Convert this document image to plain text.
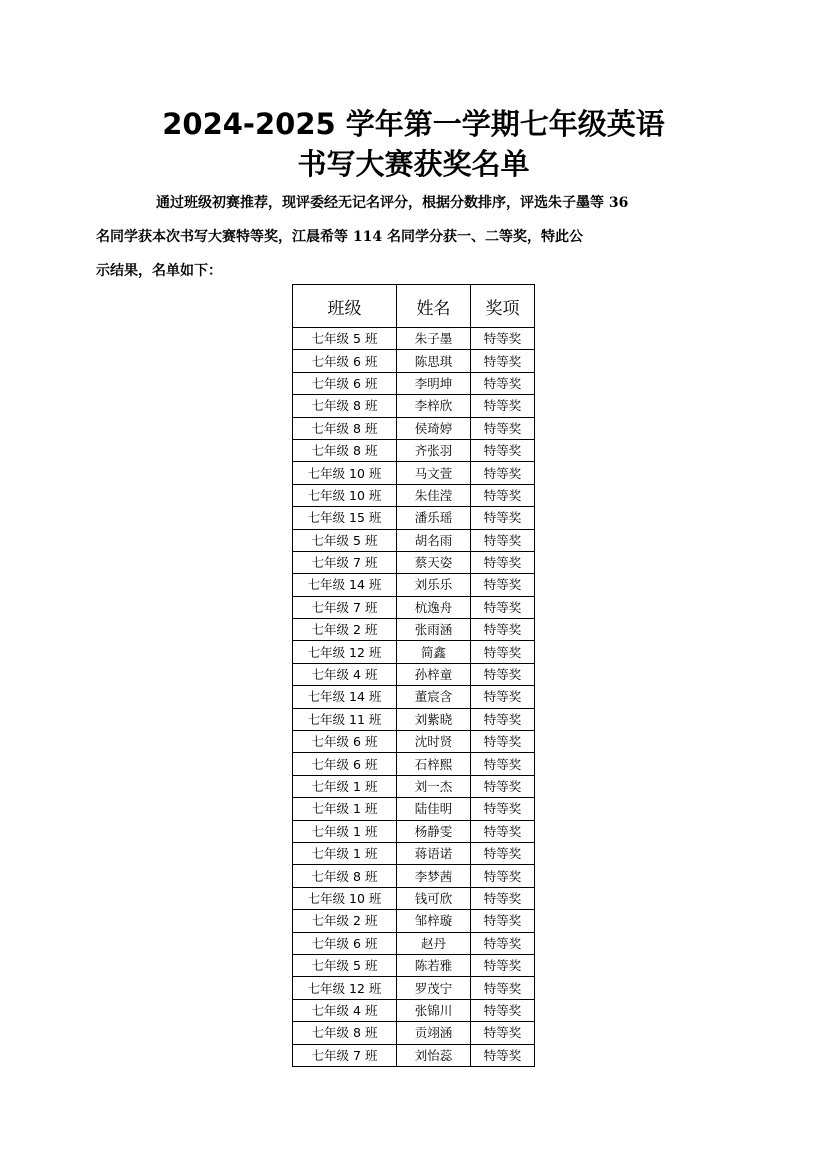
2024-2025 学年第一学期七年级英语
书写大赛获奖名单

通过班级初赛推荐，现评委经无记名评分，根据分数排序，评选朱子墨等 36
名同学获本次书写大赛特等奖，江晨希等 114 名同学分获一、二等奖，特此公
示结果，名单如下：

班级	姓名	奖项
七年级 5 班	朱子墨	特等奖
七年级 6 班	陈思琪	特等奖
七年级 6 班	李明坤	特等奖
七年级 8 班	李梓欣	特等奖
七年级 8 班	侯琦婷	特等奖
七年级 8 班	齐张羽	特等奖
七年级 10 班	马文萱	特等奖
七年级 10 班	朱佳滢	特等奖
七年级 15 班	潘乐瑶	特等奖
七年级 5 班	胡名雨	特等奖
七年级 7 班	蔡天姿	特等奖
七年级 14 班	刘乐乐	特等奖
七年级 7 班	杭逸舟	特等奖
七年级 2 班	张雨涵	特等奖
七年级 12 班	简鑫	特等奖
七年级 4 班	孙梓童	特等奖
七年级 14 班	董宸含	特等奖
七年级 11 班	刘紫晓	特等奖
七年级 6 班	沈时贤	特等奖
七年级 6 班	石梓熙	特等奖
七年级 1 班	刘一杰	特等奖
七年级 1 班	陆佳明	特等奖
七年级 1 班	杨静雯	特等奖
七年级 1 班	蒋语诺	特等奖
七年级 8 班	李梦茜	特等奖
七年级 10 班	钱可欣	特等奖
七年级 2 班	邹梓璇	特等奖
七年级 6 班	赵丹	特等奖
七年级 5 班	陈若雅	特等奖
七年级 12 班	罗茂宁	特等奖
七年级 4 班	张锦川	特等奖
七年级 8 班	贡翊涵	特等奖
七年级 7 班	刘怡蕊	特等奖
